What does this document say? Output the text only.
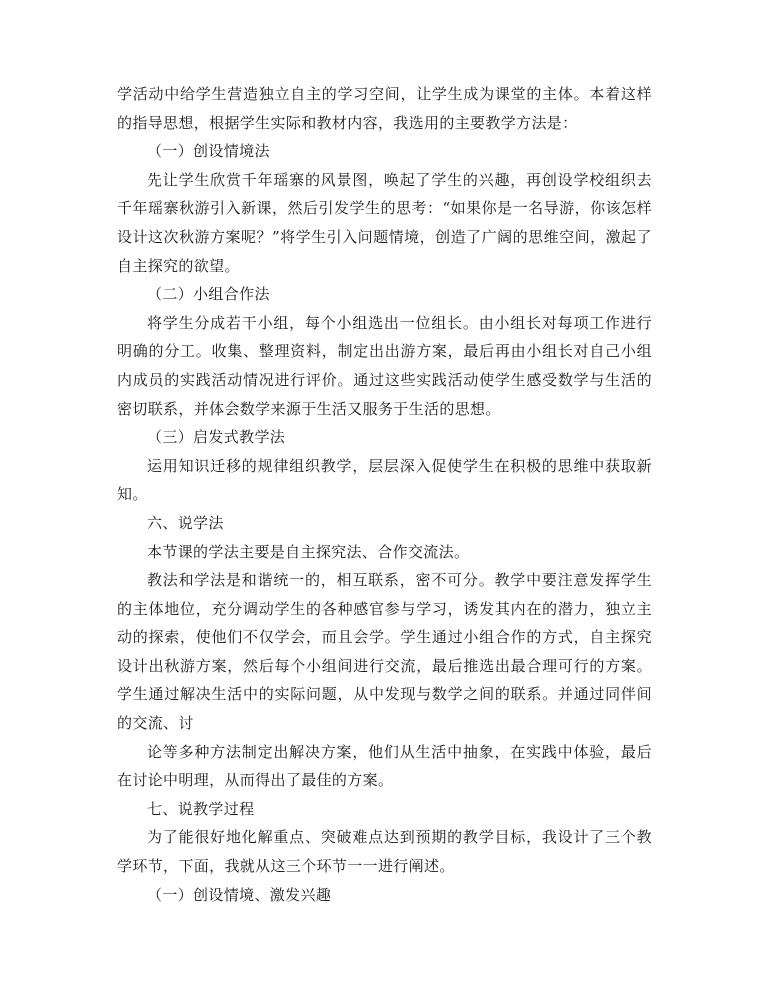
学活动中给学生营造独立自主的学习空间，让学生成为课堂的主体。本着这样的指导思想，根据学生实际和教材内容，我选用的主要教学方法是：

（一）创设情境法

先让学生欣赏千年瑶寨的风景图，唤起了学生的兴趣，再创设学校组织去千年瑶寨秋游引入新课，然后引发学生的思考：“如果你是一名导游，你该怎样设计这次秋游方案呢？”将学生引入问题情境，创造了广阔的思维空间，激起了自主探究的欲望。

（二）小组合作法

将学生分成若干小组，每个小组选出一位组长。由小组长对每项工作进行明确的分工。收集、整理资料，制定出出游方案，最后再由小组长对自己小组内成员的实践活动情况进行评价。通过这些实践活动使学生感受数学与生活的密切联系，并体会数学来源于生活又服务于生活的思想。

（三）启发式教学法

运用知识迁移的规律组织教学，层层深入促使学生在积极的思维中获取新知。

六、说学法

本节课的学法主要是自主探究法、合作交流法。

教法和学法是和谐统一的，相互联系，密不可分。教学中要注意发挥学生的主体地位，充分调动学生的各种感官参与学习，诱发其内在的潜力，独立主动的探索，使他们不仅学会，而且会学。学生通过小组合作的方式，自主探究设计出秋游方案，然后每个小组间进行交流，最后推选出最合理可行的方案。学生通过解决生活中的实际问题，从中发现与数学之间的联系。并通过同伴间的交流、讨

论等多种方法制定出解决方案，他们从生活中抽象，在实践中体验，最后在讨论中明理，从而得出了最佳的方案。

七、说教学过程

为了能很好地化解重点、突破难点达到预期的教学目标，我设计了三个教学环节，下面，我就从这三个环节一一进行阐述。

（一）创设情境、激发兴趣
